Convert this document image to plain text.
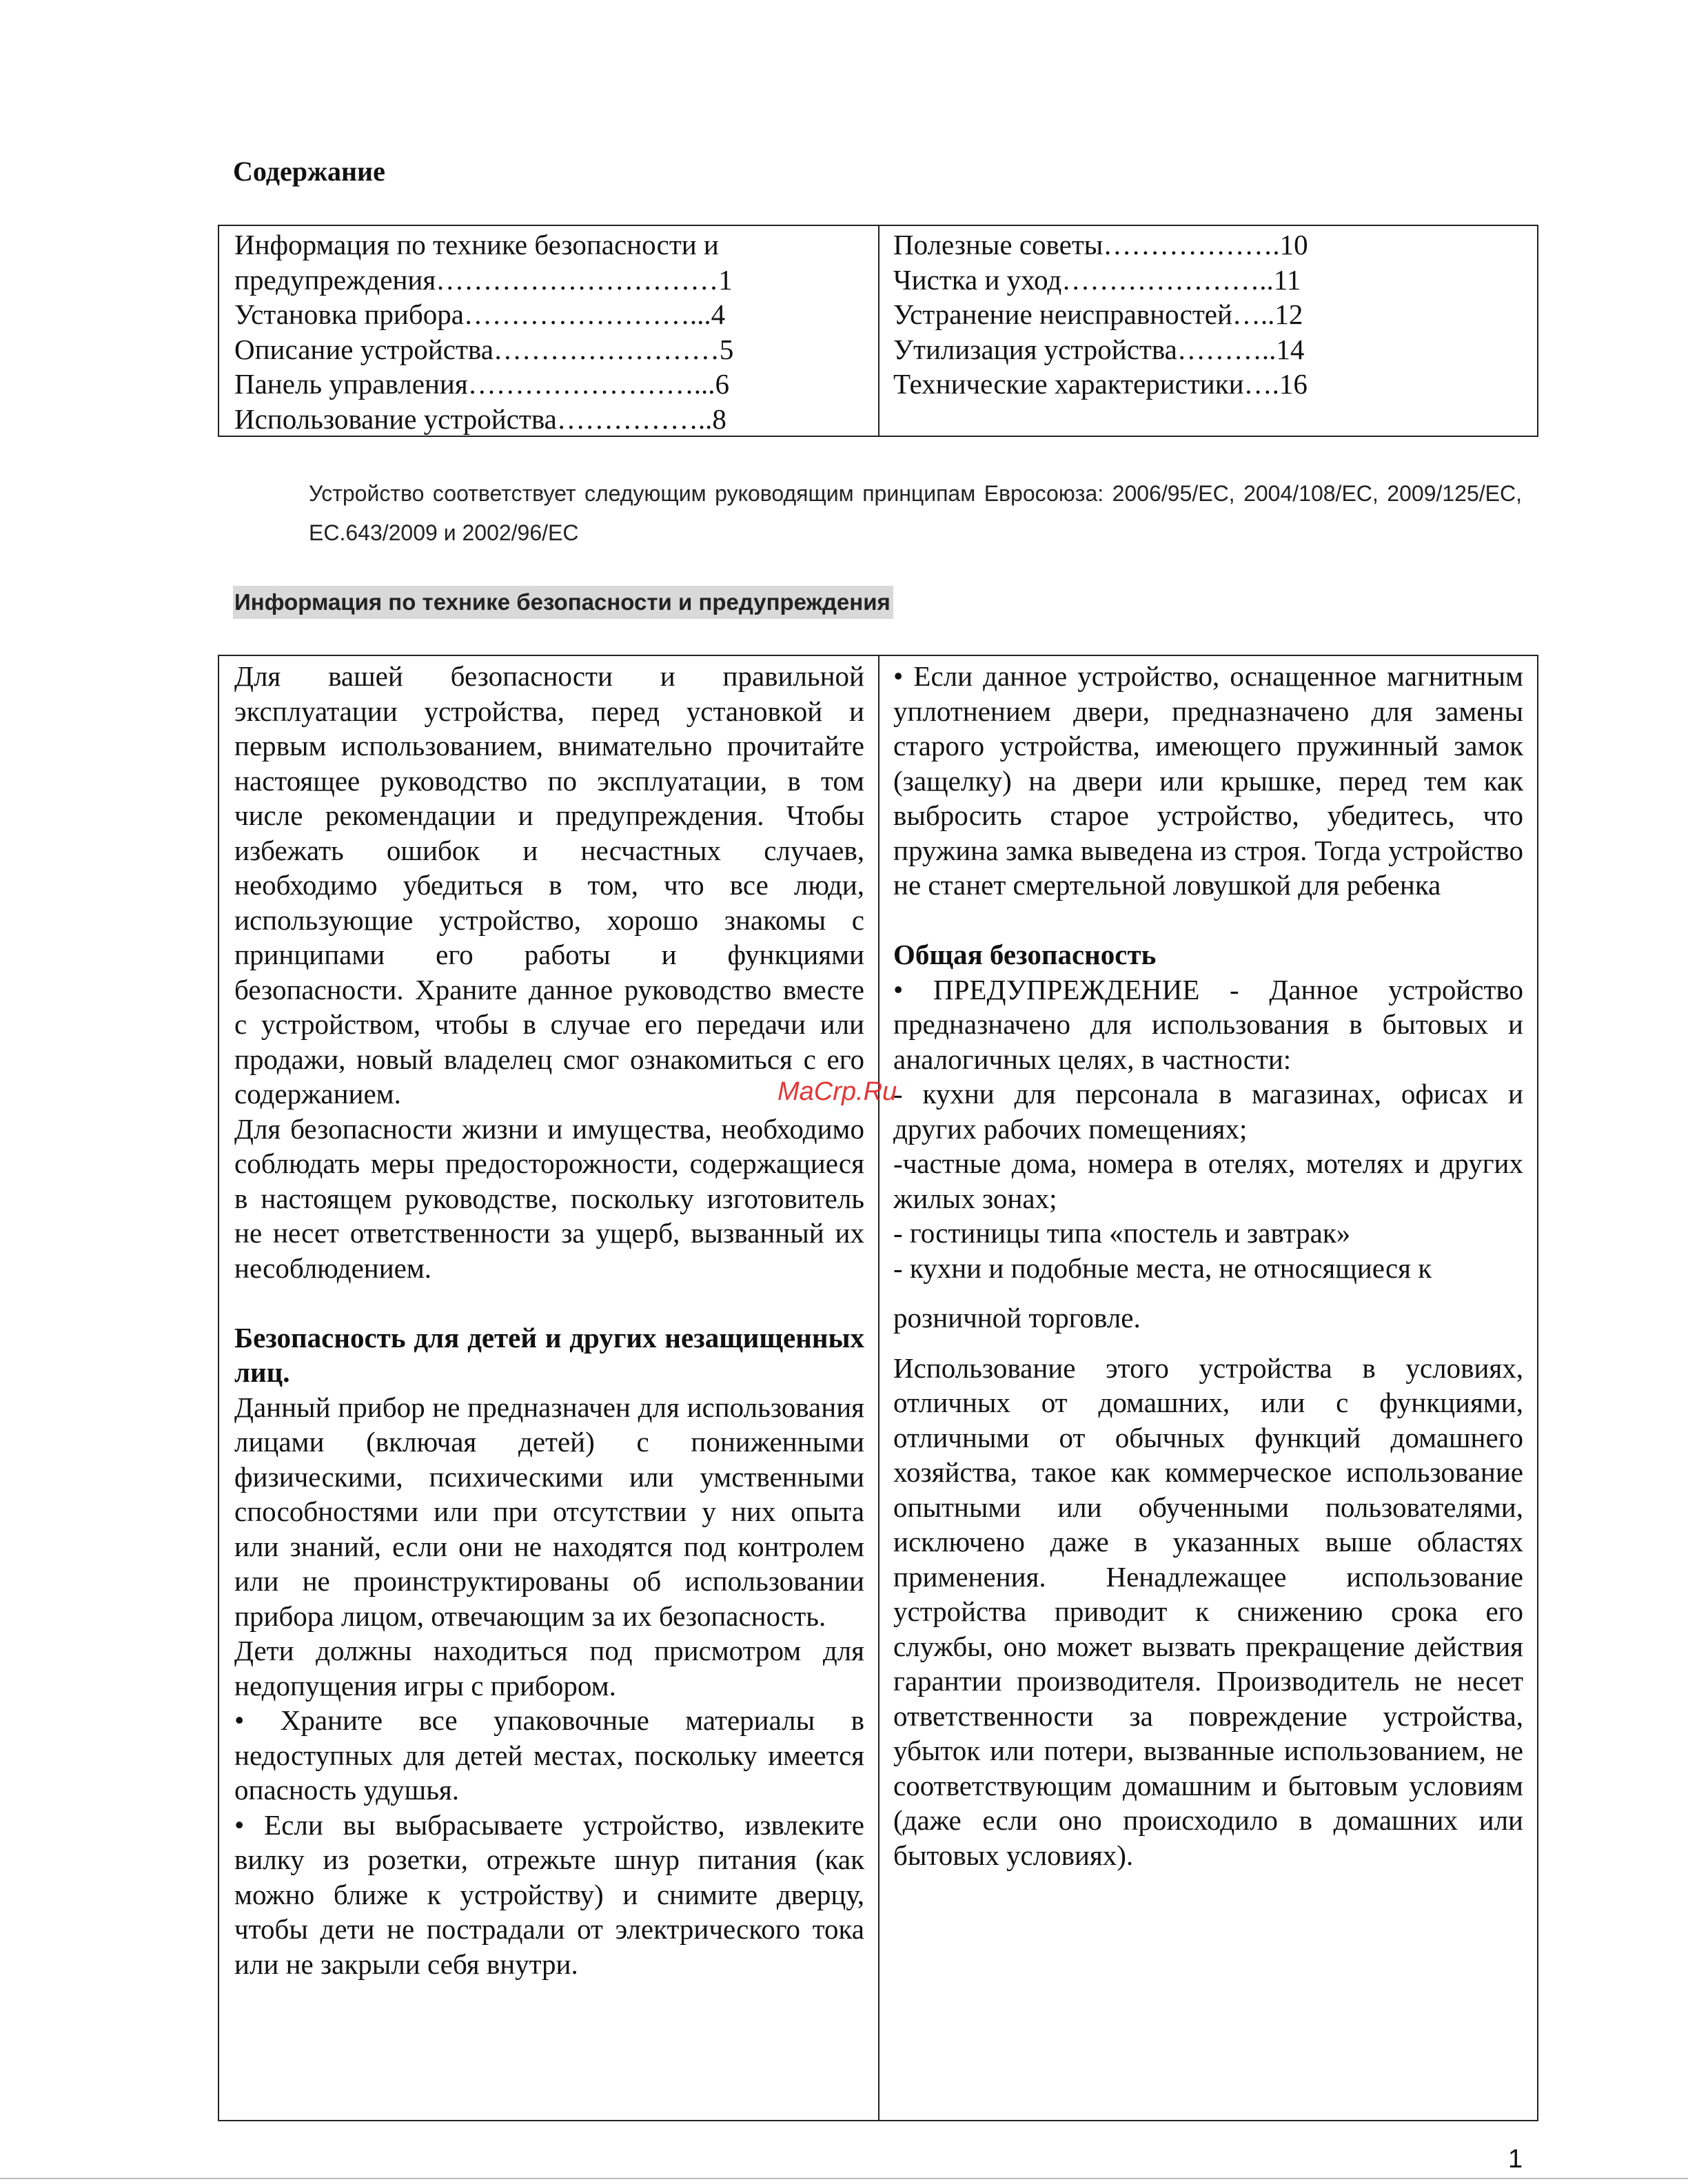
Содержание
Информация по технике безопасности и
предупреждения…………………………1
Установка прибора……………………...4
Описание устройства……………………5
Панель управления……………………...6
Использование устройства……………..8
Полезные советы……………….10
Чистка и уход…………………..11
Устранение неисправностей…..12
Утилизация устройства………..14
Технические характеристики….16
Устройство соответствует следующим руководящим принципам Евросоюза: 2006/95/EC, 2004/108/EC, 2009/125/EC, EC.643/2009 и 2002/96/EC
Информация по технике безопасности и предупреждения

Для вашей безопасности и правильной эксплуатации устройства, перед установкой и первым использованием, внимательно прочитайте настоящее руководство по эксплуатации, в том числе рекомендации и предупреждения. Чтобы избежать ошибок и несчастных случаев, необходимо убедиться в том, что все люди, использующие устройство, хорошо знакомы с принципами его работы и функциями безопасности. Храните данное руководство вместе с устройством, чтобы в случае его передачи или продажи, новый владелец смог ознакомиться с его содержанием.

Для безопасности жизни и имущества, необходимо соблюдать меры предосторожности, содержащиеся в настоящем руководстве, поскольку изготовитель не несет ответственности за ущерб, вызванный их несоблюдением.

Безопасность для детей и других незащищенных лиц.

Данный прибор не предназначен для использования лицами (включая детей) с пониженными физическими, психическими или умственными способностями или при отсутствии у них опыта или знаний, если они не находятся под контролем или не проинструктированы об использовании прибора лицом, отвечающим за их безопасность.

Дети должны находиться под присмотром для недопущения игры с прибором.

• Храните все упаковочные материалы в недоступных для детей местах, поскольку имеется опасность удушья.

• Если вы выбрасываете устройство, извлеките вилку из розетки, отрежьте шнур питания (как можно ближе к устройству) и снимите дверцу, чтобы дети не пострадали от электрического тока или не закрыли себя внутри.

• Если данное устройство, оснащенное магнитным уплотнением двери, предназначено для замены старого устройства, имеющего пружинный замок (защелку) на двери или крышке, перед тем как выбросить старое устройство, убедитесь, что пружина замка выведена из строя. Тогда устройство не станет смертельной ловушкой для ребенка

Общая безопасность

• ПРЕДУПРЕЖДЕНИЕ - Данное устройство предназначено для использования в бытовых и аналогичных целях, в частности:

- кухни для персонала в магазинах, офисах и других рабочих помещениях;

-частные дома, номера в отелях, мотелях и других жилых зонах;

- гостиницы типа «постель и завтрак»

- кухни и подобные места, не относящиеся к

розничной торговле.

Использование этого устройства в условиях, отличных от домашних, или с функциями, отличными от обычных функций домашнего хозяйства, такое как коммерческое использование опытными или обученными пользователями, исключено даже в указанных выше областях применения. Ненадлежащее использование устройства приводит к снижению срока его службы, оно может вызвать прекращение действия гарантии производителя. Производитель не несет ответственности за повреждение устройства, убыток или потери, вызванные использованием, не соответствующим домашним и бытовым условиям (даже если оно происходило в домашних или бытовых условиях).

MaCrp.Ru
1
